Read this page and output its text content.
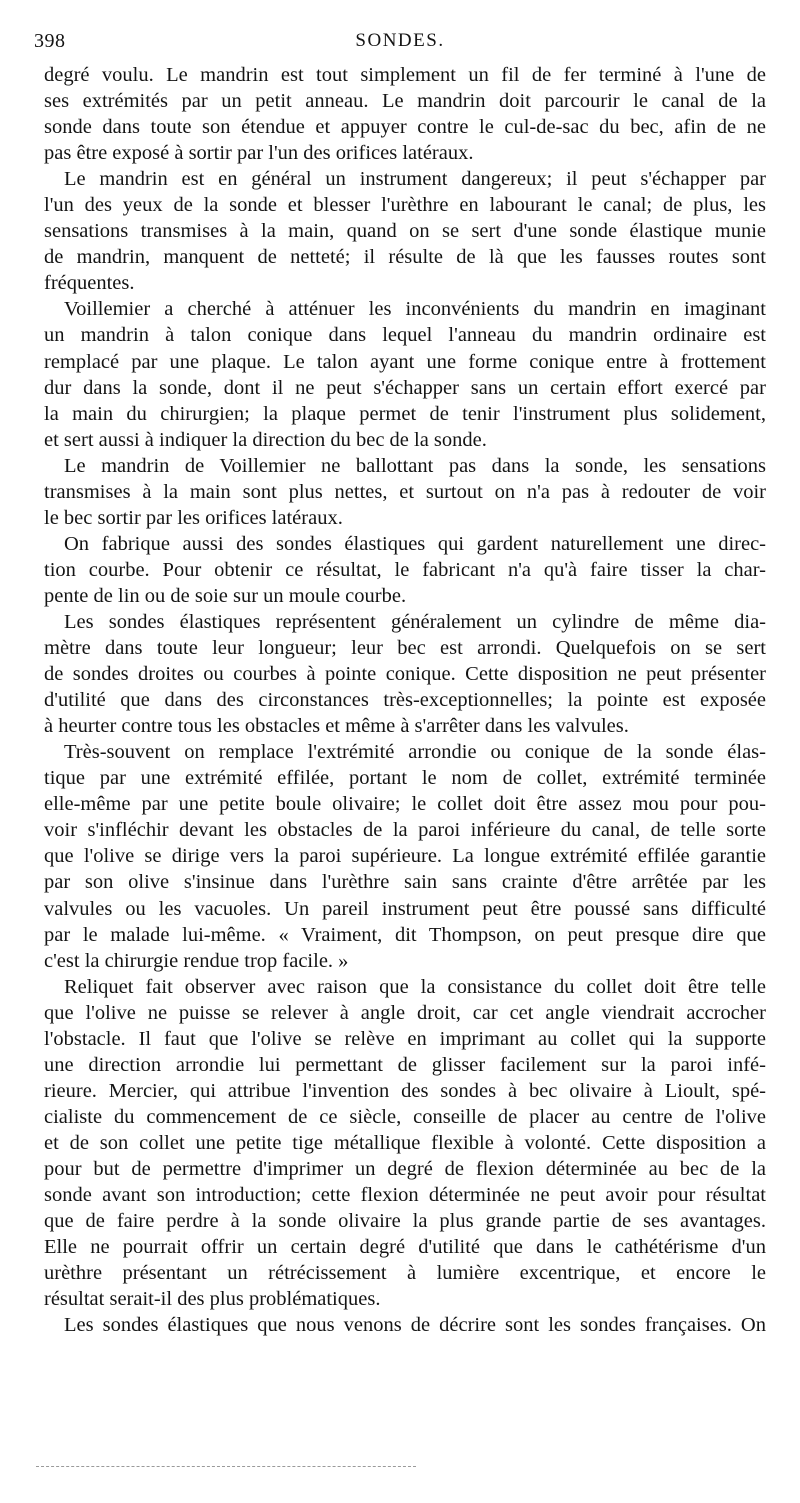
398	SONDES.
degré voulu. Le mandrin est tout simplement un fil de fer terminé à l'une de
ses extrémités par un petit anneau. Le mandrin doit parcourir le canal de la
sonde dans toute son étendue et appuyer contre le cul-de-sac du bec, afin de ne
pas être exposé à sortir par l'un des orifices latéraux.
Le mandrin est en général un instrument dangereux; il peut s'échapper par
l'un des yeux de la sonde et blesser l'urèthre en labourant le canal; de plus, les
sensations transmises à la main, quand on se sert d'une sonde élastique munie
de mandrin, manquent de netteté; il résulte de là que les fausses routes sont
fréquentes.
Voillemier a cherché à atténuer les inconvénients du mandrin en imaginant
un mandrin à talon conique dans lequel l'anneau du mandrin ordinaire est
remplacé par une plaque. Le talon ayant une forme conique entre à frottement
dur dans la sonde, dont il ne peut s'échapper sans un certain effort exercé par
la main du chirurgien; la plaque permet de tenir l'instrument plus solidement,
et sert aussi à indiquer la direction du bec de la sonde.
Le mandrin de Voillemier ne ballottant pas dans la sonde, les sensations
transmises à la main sont plus nettes, et surtout on n'a pas à redouter de voir
le bec sortir par les orifices latéraux.
On fabrique aussi des sondes élastiques qui gardent naturellement une direc-
tion courbe. Pour obtenir ce résultat, le fabricant n'a qu'à faire tisser la char-
pente de lin ou de soie sur un moule courbe.
Les sondes élastiques représentent généralement un cylindre de même dia-
mètre dans toute leur longueur; leur bec est arrondi. Quelquefois on se sert
de sondes droites ou courbes à pointe conique. Cette disposition ne peut présenter
d'utilité que dans des circonstances très-exceptionnelles; la pointe est exposée
à heurter contre tous les obstacles et même à s'arrêter dans les valvules.
Très-souvent on remplace l'extrémité arrondie ou conique de la sonde élas-
tique par une extrémité effilée, portant le nom de collet, extrémité terminée
elle-même par une petite boule olivaire; le collet doit être assez mou pour pou-
voir s'infléchir devant les obstacles de la paroi inférieure du canal, de telle sorte
que l'olive se dirige vers la paroi supérieure. La longue extrémité effilée garantie
par son olive s'insinue dans l'urèthre sain sans crainte d'être arrêtée par les
valvules ou les vacuoles. Un pareil instrument peut être poussé sans difficulté
par le malade lui-même. « Vraiment, dit Thompson, on peut presque dire que
c'est la chirurgie rendue trop facile. »
Reliquet fait observer avec raison que la consistance du collet doit être telle
que l'olive ne puisse se relever à angle droit, car cet angle viendrait accrocher
l'obstacle. Il faut que l'olive se relève en imprimant au collet qui la supporte
une direction arrondie lui permettant de glisser facilement sur la paroi infé-
rieure. Mercier, qui attribue l'invention des sondes à bec olivaire à Lioult, spé-
cialiste du commencement de ce siècle, conseille de placer au centre de l'olive
et de son collet une petite tige métallique flexible à volonté. Cette disposition a
pour but de permettre d'imprimer un degré de flexion déterminée au bec de la
sonde avant son introduction; cette flexion déterminée ne peut avoir pour résultat
que de faire perdre à la sonde olivaire la plus grande partie de ses avantages.
Elle ne pourrait offrir un certain degré d'utilité que dans le cathétérisme d'un
urèthre présentant un rétrécissement à lumière excentrique, et encore le
résultat serait-il des plus problématiques.
Les sondes élastiques que nous venons de décrire sont les sondes françaises. On
